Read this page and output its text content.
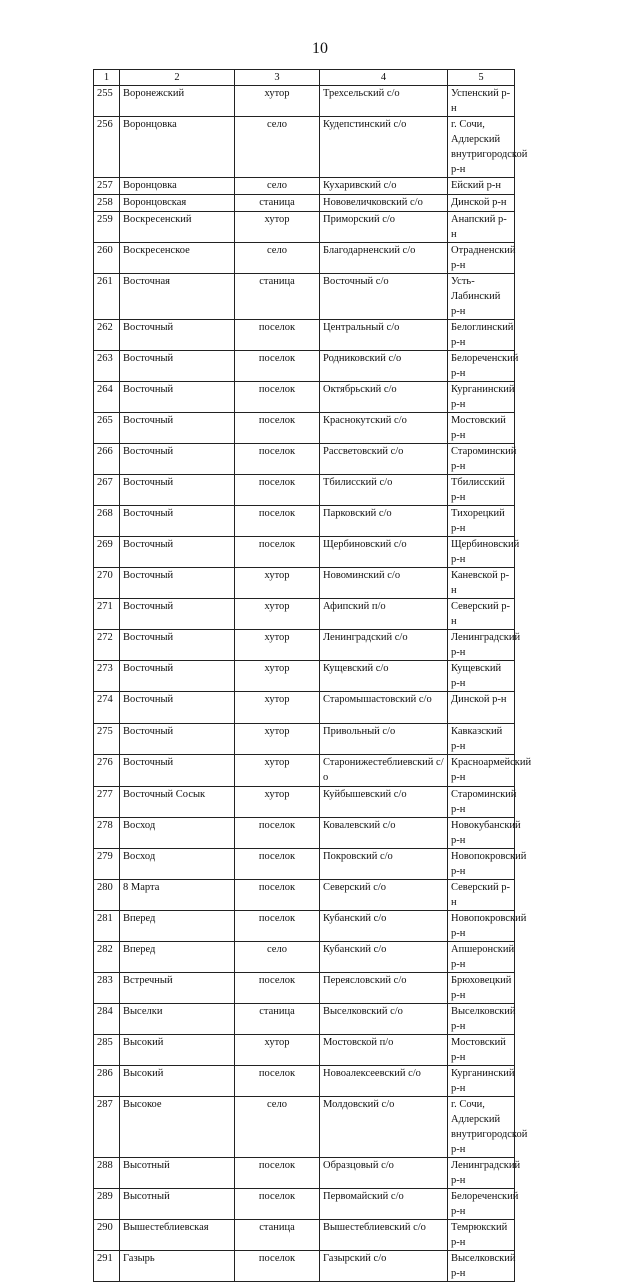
10
1	2	3	4	5
255	Воронежский	хутор	Трехсельский с/о	Успенский р-н
256	Воронцовка	село	Кудепстинский с/о	г. Сочи, Адлерский внутригородской р-н
257	Воронцовка	село	Кухаривский с/о	Ейский р-н
258	Воронцовская	станица	Нововеличковский с/о	Динской р-н
259	Воскресенский	хутор	Приморский с/о	Анапский р-н
260	Воскресенское	село	Благодарненский с/о	Отрадненский р-н
261	Восточная	станица	Восточный с/о	Усть-Лабинский р-н
262	Восточный	поселок	Центральный с/о	Белоглинский р-н
263	Восточный	поселок	Родниковский с/о	Белореченский р-н
264	Восточный	поселок	Октябрьский с/о	Курганинский р-н
265	Восточный	поселок	Краснокутский с/о	Мостовский р-н
266	Восточный	поселок	Рассветовский с/о	Староминский р-н
267	Восточный	поселок	Тбилисский с/о	Тбилисский р-н
268	Восточный	поселок	Парковский с/о	Тихорецкий р-н
269	Восточный	поселок	Щербиновский с/о	Щербиновский р-н
270	Восточный	хутор	Новоминский с/о	Каневской р-н
271	Восточный	хутор	Афипский п/о	Северский р-н
272	Восточный	хутор	Ленинградский с/о	Ленинградский р-н
273	Восточный	хутор	Кущевский с/о	Кущевский р-н
274	Восточный	хутор	Старомышастовский с/о	Динской р-н
275	Восточный	хутор	Привольный с/о	Кавказский р-н
276	Восточный	хутор	Старонижестеблиевский с/о	Красноармейский р-н
277	Восточный Сосык	хутор	Куйбышевский с/о	Староминский р-н
278	Восход	поселок	Ковалевский с/о	Новокубанский р-н
279	Восход	поселок	Покровский с/о	Новопокровский р-н
280	8 Марта	поселок	Северский с/о	Северский р-н
281	Вперед	поселок	Кубанский с/о	Новопокровский р-н
282	Вперед	село	Кубанский с/о	Апшеронский р-н
283	Встречный	поселок	Переясловский с/о	Брюховецкий р-н
284	Выселки	станица	Выселковский с/о	Выселковский р-н
285	Высокий	хутор	Мостовской п/о	Мостовский р-н
286	Высокий	поселок	Новоалексеевский с/о	Курганинский р-н
287	Высокое	село	Молдовский с/о	г. Сочи, Адлерский внутригородской р-н
288	Высотный	поселок	Образцовый с/о	Ленинградский р-н
289	Высотный	поселок	Первомайский с/о	Белореченский р-н
290	Вышестеблиевская	станица	Вышестеблиевский с/о	Темрюкский р-н
291	Газырь	поселок	Газырский с/о	Выселковский р-н
